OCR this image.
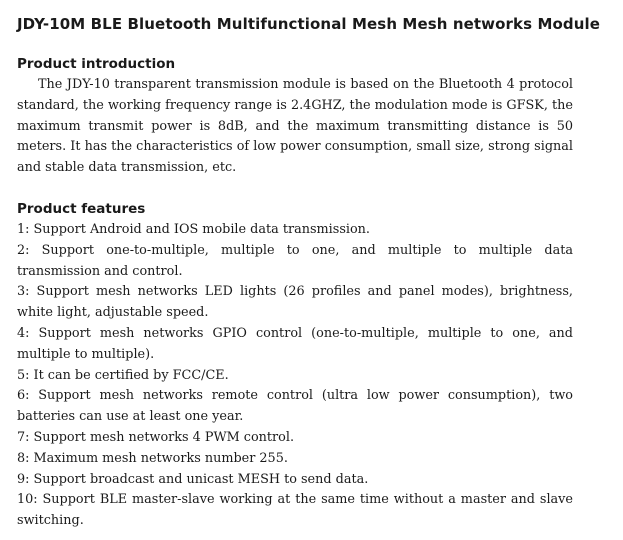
JDY-10M BLE Bluetooth Multifunctional Mesh Mesh networks Module
Product introduction

The JDY-10 transparent transmission module is based on the Bluetooth 4 protocol standard, the working frequency range is 2.4GHZ, the modulation mode is GFSK, the maximum transmit power is 8dB, and the maximum transmitting distance is 50 meters. It has the characteristics of low power consumption, small size, strong signal and stable data transmission, etc.

Product features
1: Support Android and IOS mobile data transmission.
2: Support one-to-multiple, multiple to one, and multiple to multiple data transmission and control.
3: Support mesh networks LED lights (26 profiles and panel modes), brightness, white light, adjustable speed.
4: Support mesh networks GPIO control (one-to-multiple, multiple to one, and multiple to multiple).
5: It can be certified by FCC/CE.
6: Support mesh networks remote control (ultra low power consumption), two batteries can use at least one year.
7: Support mesh networks 4 PWM control.
8: Maximum mesh networks number 255.
9: Support broadcast and unicast MESH to send data.
10: Support BLE master-slave working at the same time without a master and slave switching.
